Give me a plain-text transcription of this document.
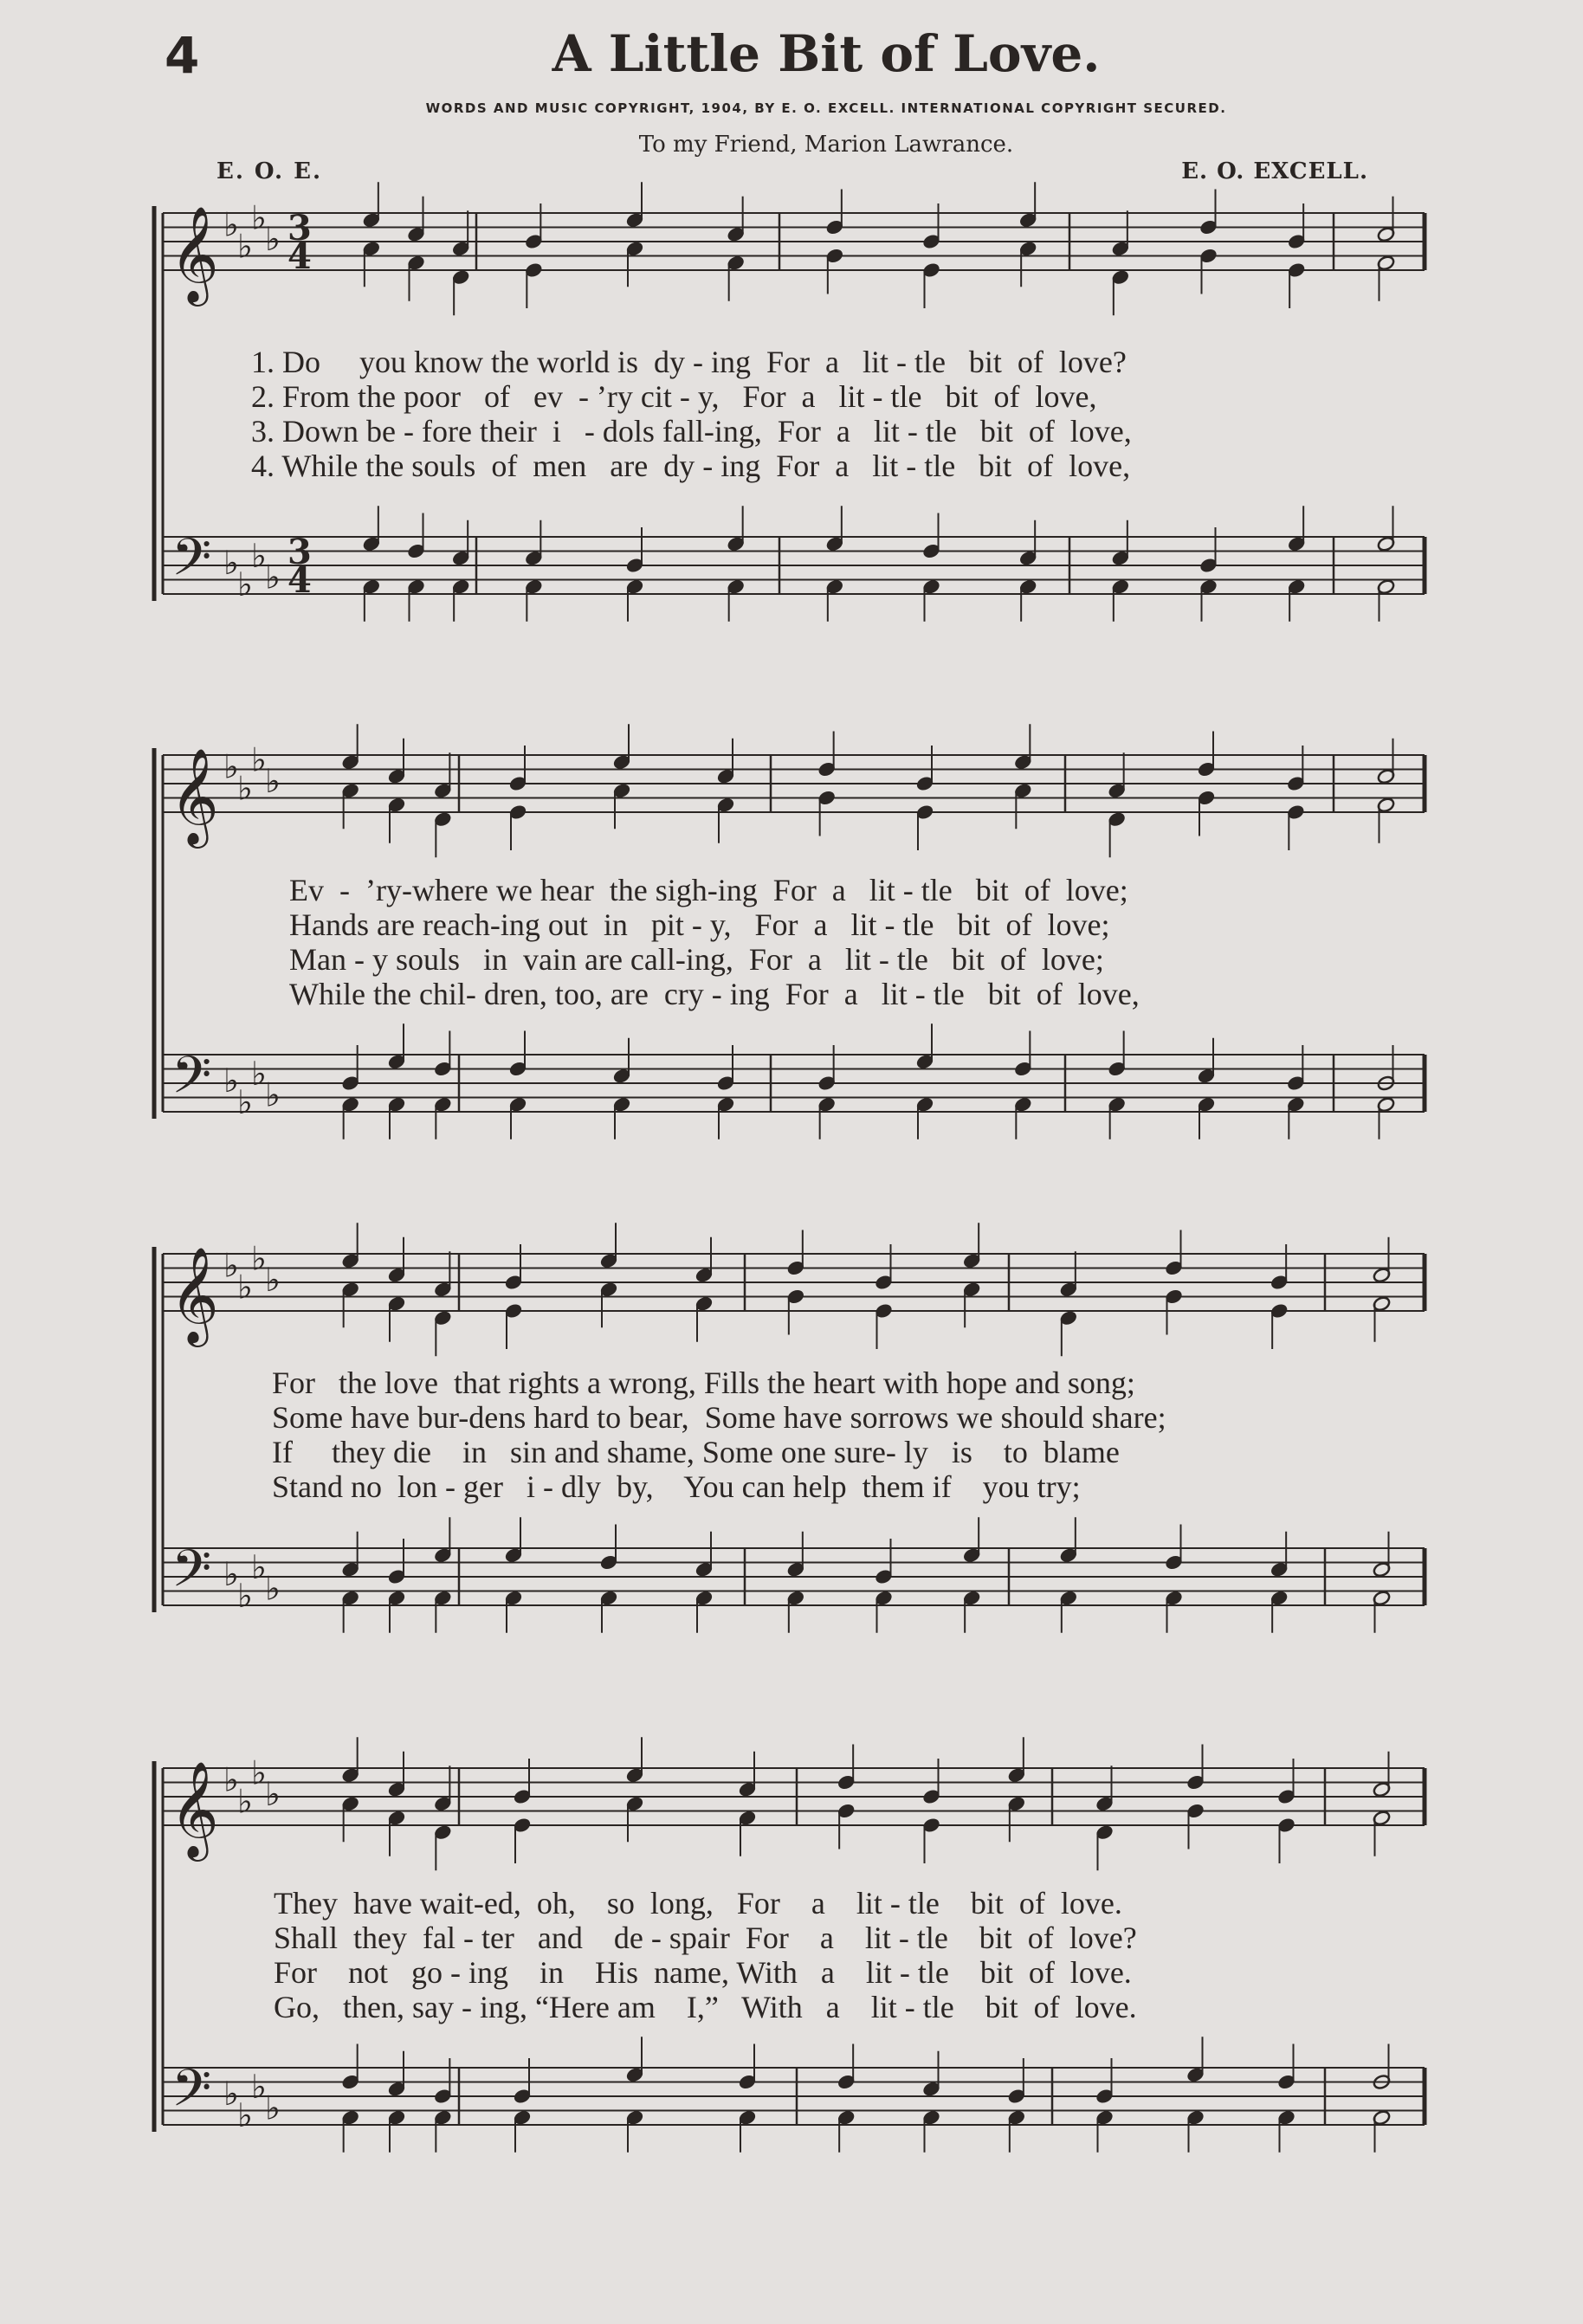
4	A Little Bit of Love.
WORDS AND MUSIC COPYRIGHT, 1904, BY E. O. EXCELL. INTERNATIONAL COPYRIGHT SECURED.
To my Friend, Marion Lawrance.
E. O. E.	E. O. EXCELL.
𝄞
𝄢
♭
♭
♭
♭
♭
♭
♭
♭
3
4
3
4
𝄞
𝄢
♭
♭
♭
♭
♭
♭
♭
♭
𝄞
𝄢
♭
♭
♭
♭
♭
♭
♭
♭
𝄞
𝄢
♭
♭
♭
♭
♭
♭
♭
♭
1. Do     you know the world is  dy - ing  For  a   lit - tle   bit  of  love?
2. From the poor   of   ev  - ’ry cit - y,   For  a   lit - tle   bit  of  love,
3. Down be - fore their  i   - dols fall-ing,  For  a   lit - tle   bit  of  love,
4. While the souls  of  men   are  dy - ing  For  a   lit - tle   bit  of  love,
Ev  -  ’ry-where we hear  the sigh-ing  For  a   lit - tle   bit  of  love;
Hands are reach-ing out  in   pit - y,   For  a   lit - tle   bit  of  love;
Man - y souls   in  vain are call-ing,  For  a   lit - tle   bit  of  love;
While the chil- dren, too, are  cry - ing  For  a   lit - tle   bit  of  love,
For   the love  that rights a wrong, Fills the heart with hope and song;
Some have bur-dens hard to bear,  Some have sorrows we should share;
If     they die    in   sin and shame, Some one sure- ly   is    to  blame
Stand no  lon - ger   i - dly  by,    You can help  them if    you try;
They  have wait-ed,  oh,    so  long,   For    a    lit - tle    bit  of  love.
Shall  they  fal - ter   and    de - spair  For    a    lit - tle    bit  of  love?
For    not   go - ing    in    His  name, With   a    lit - tle    bit  of  love.
Go,   then, say - ing, “Here am    I,”   With   a    lit - tle    bit  of  love.
